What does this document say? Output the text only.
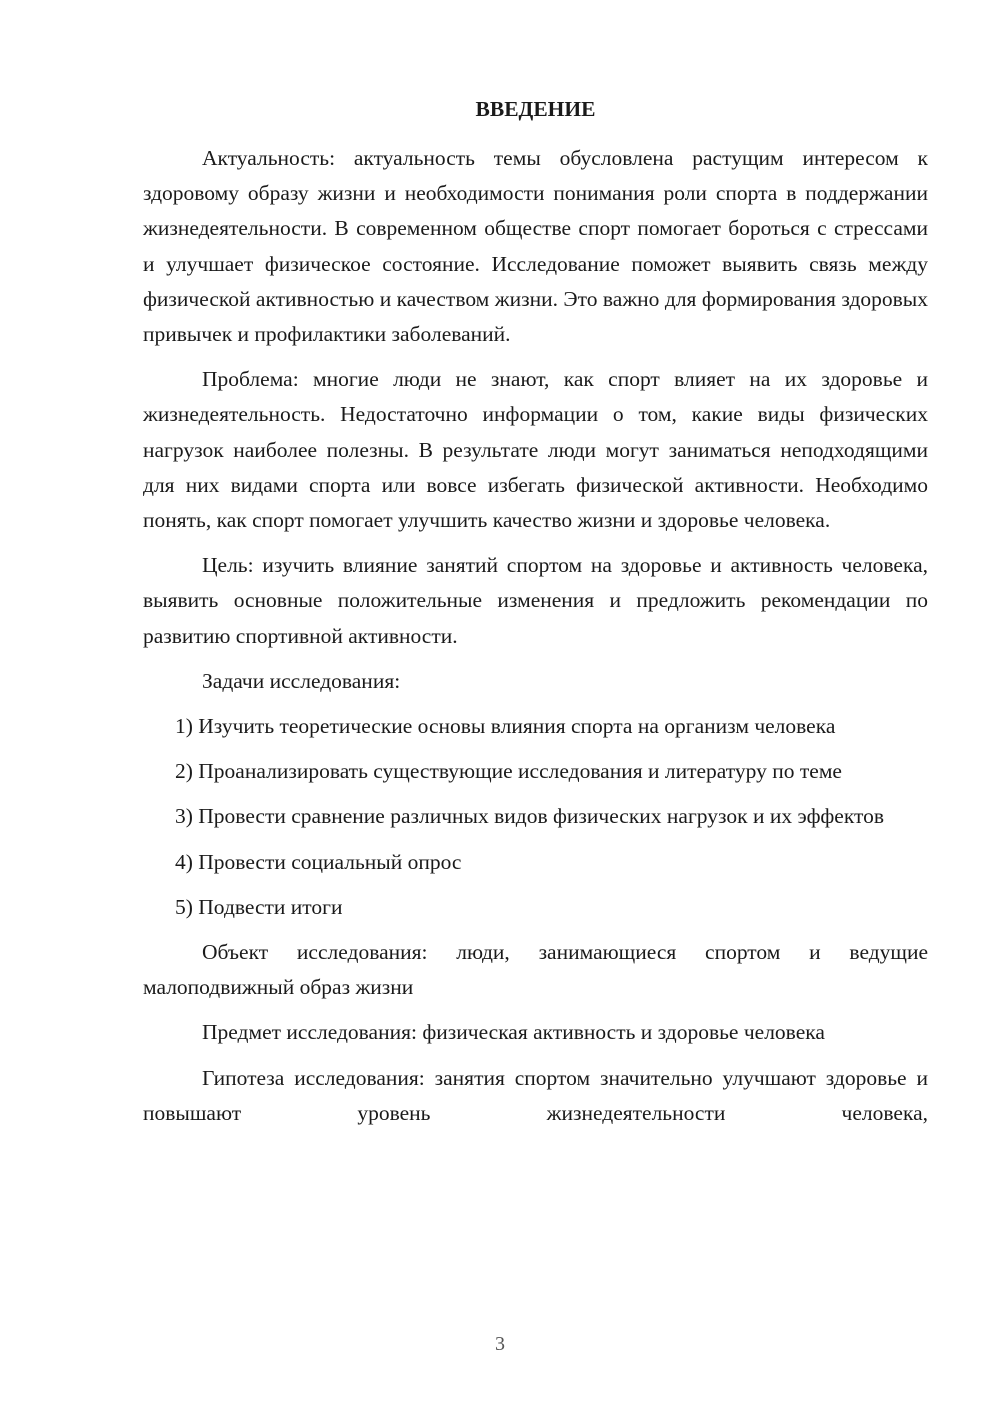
ВВЕДЕНИЕ

Актуальность: актуальность темы обусловлена растущим интересом к здоровому образу жизни и необходимости понимания роли спорта в поддержании жизнедеятельности. В современном обществе спорт помогает бороться с стрессами и улучшает физическое состояние. Исследование поможет выявить связь между физической активностью и качеством жизни. Это важно для формирования здоровых привычек и профилактики заболеваний.

Проблема: многие люди не знают, как спорт влияет на их здоровье и жизнедеятельность. Недостаточно информации о том, какие виды физических нагрузок наиболее полезны. В результате люди могут заниматься неподходящими для них видами спорта или вовсе избегать физической активности. Необходимо понять, как спорт помогает улучшить качество жизни и здоровье человека.

Цель: изучить влияние занятий спортом на здоровье и активность человека, выявить основные положительные изменения и предложить рекомендации по развитию спортивной активности.

Задачи исследования:

1) Изучить теоретические основы влияния спорта на организм человека

2) Проанализировать существующие исследования и литературу по теме

3) Провести сравнение различных видов физических нагрузок и их эффектов

4) Провести социальный опрос

5) Подвести итоги

Объект исследования: люди, занимающиеся спортом и ведущие малоподвижный образ жизни

Предмет исследования: физическая активность и здоровье человека

Гипотеза исследования: занятия спортом значительно улучшают здоровье и повышают уровень жизнедеятельности человека,

3
